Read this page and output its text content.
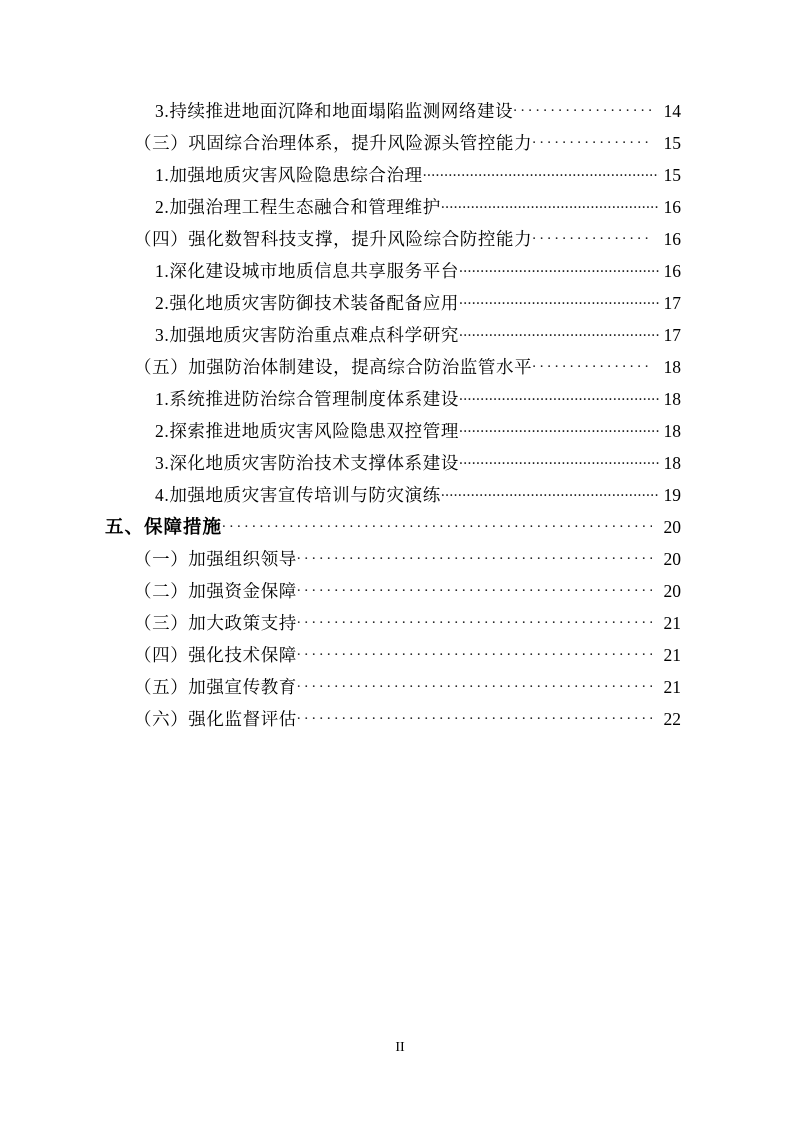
3.持续推进地面沉降和地面塌陷监测网络建设 . . .	14
（三）巩固综合治理体系，提升风险源头管控能力 . . .	15
1.加强地质灾害风险隐患综合治理 .....	15
2.加强治理工程生态融合和管理维护 .....	16
（四）强化数智科技支撑，提升风险综合防控能力 . . .	16
1.深化建设城市地质信息共享服务平台 .....	16
2.强化地质灾害防御技术装备配备应用 .....	17
3.加强地质灾害防治重点难点科学研究 .....	17
（五）加强防治体制建设，提高综合防治监管水平 . . .	18
1.系统推进防治综合管理制度体系建设 .....	18
2.探索推进地质灾害风险隐患双控管理 .....	18
3.深化地质灾害防治技术支撑体系建设 .....	18
4.加强地质灾害宣传培训与防灾演练 .....	19
五、保障措施 . . .	20
（一）加强组织领导 . . .	20
（二）加强资金保障 . . .	20
（三）加大政策支持 . . .	21
（四）强化技术保障 . . .	21
（五）加强宣传教育 . . .	21
（六）强化监督评估 . . .	22
II
